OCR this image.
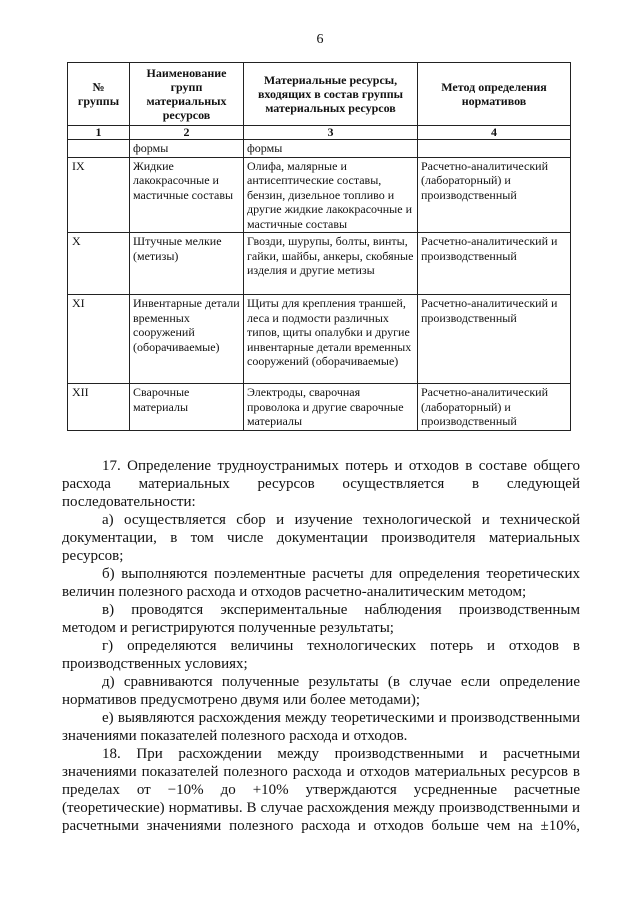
6
№ группы	Наименование групп материальных ресурсов	Материальные ресурсы, входящих в состав группы материальных ресурсов	Метод определения нормативов
1	2	3	4
	формы	формы	
IX	Жидкие лакокрасочные и мастичные составы	Олифа, малярные и антисептические составы, бензин, дизельное топливо и другие жидкие лакокрасочные и мастичные составы	Расчетно-аналитический (лабораторный) и производственный
X	Штучные мелкие (метизы)	Гвозди, шурупы, болты, винты, гайки, шайбы, анкеры, скобяные изделия и другие метизы	Расчетно-аналитический и производственный
XI	Инвентарные детали временных сооружений (оборачиваемые)	Щиты для крепления траншей, леса и подмости различных типов, щиты опалубки и другие инвентарные детали временных сооружений (оборачиваемые)	Расчетно-аналитический и производственный
XII	Сварочные материалы	Электроды, сварочная проволока и другие сварочные материалы	Расчетно-аналитический (лабораторный) и производственный

17. Определение трудноустранимых потерь и отходов в составе общего расхода материальных ресурсов осуществляется в следующей последовательности:

а) осуществляется сбор и изучение технологической и технической документации, в том числе документации производителя материальных ресурсов;

б) выполняются поэлементные расчеты для определения теоретических величин полезного расхода и отходов расчетно-аналитическим методом;

в) проводятся экспериментальные наблюдения производственным методом и регистрируются полученные результаты;

г) определяются величины технологических потерь и отходов в производственных условиях;

д) сравниваются полученные результаты (в случае если определение нормативов предусмотрено двумя или более методами);

е) выявляются расхождения между теоретическими и производственными значениями показателей полезного расхода и отходов.

18. При расхождении между производственными и расчетными значениями показателей полезного расхода и отходов материальных ресурсов в пределах от −10% до +10% утверждаются усредненные расчетные (теоретические) нормативы. В случае расхождения между производственными и расчетными значениями полезного расхода и отходов больше чем на ±10%,
